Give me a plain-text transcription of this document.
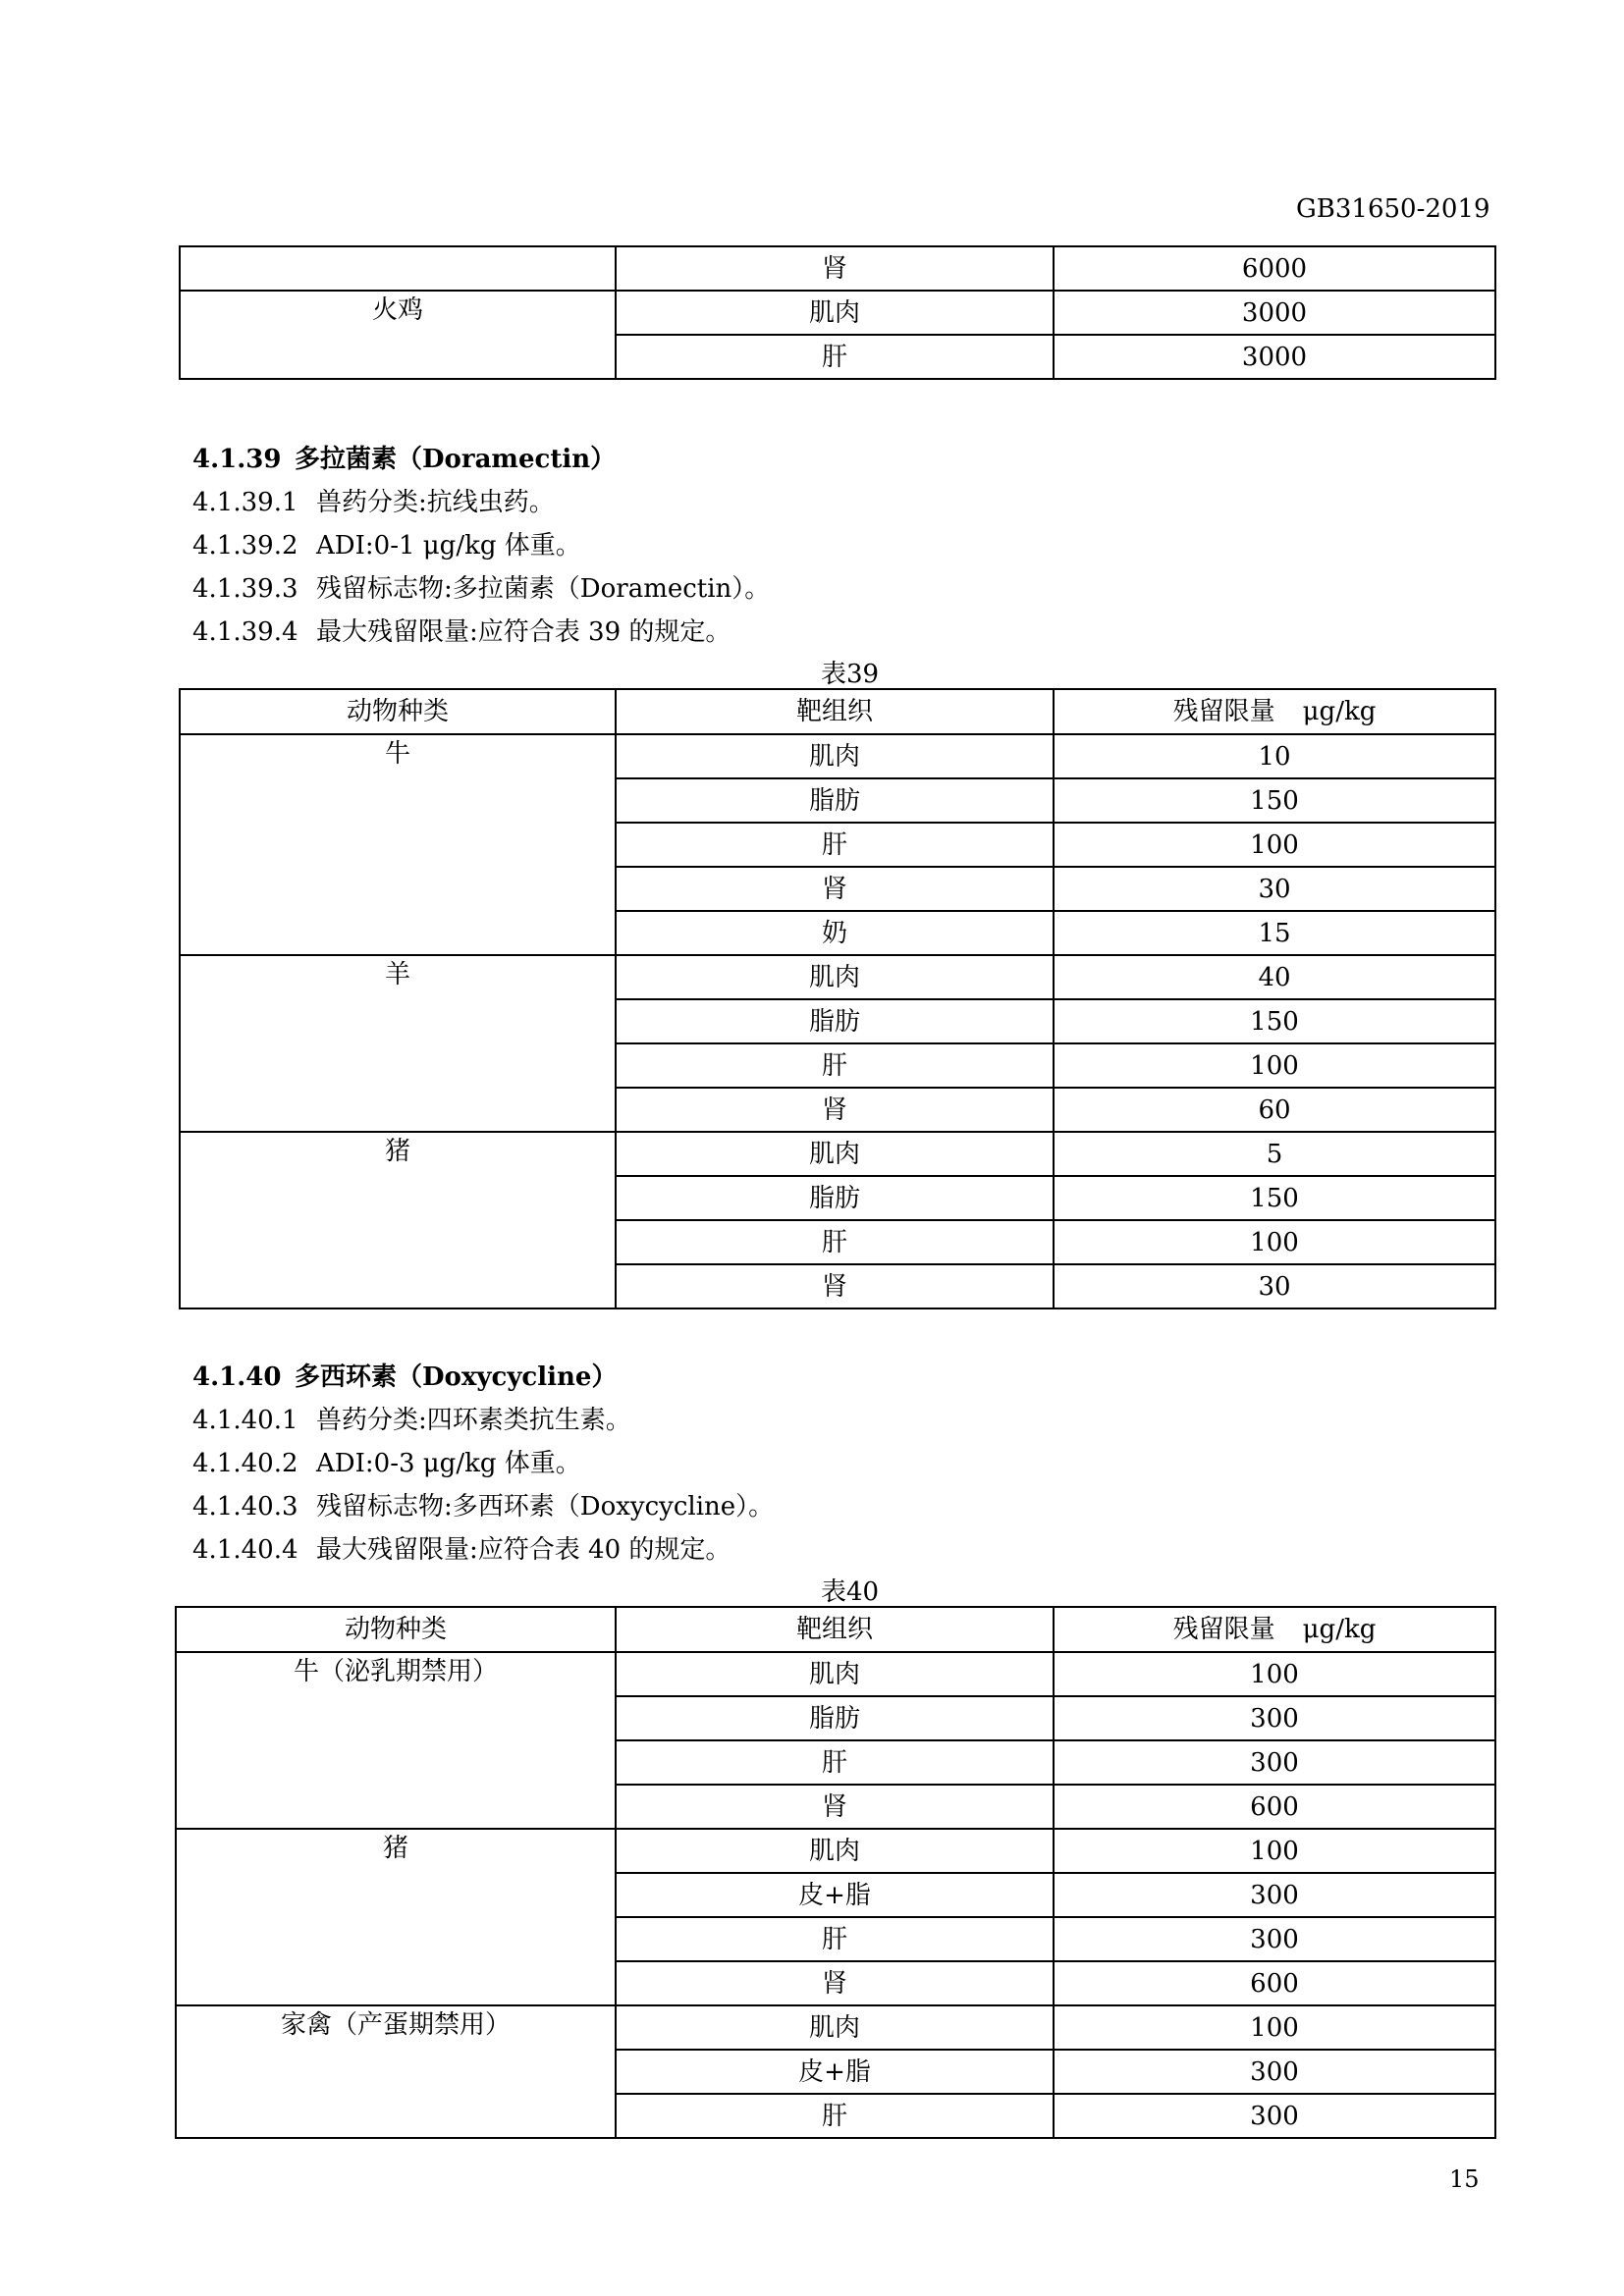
GB31650-2019
	肾	6000
火鸡	肌肉	3000
	肝	3000
4.1.39 多拉菌素（Doramectin）
4.1.39.1 兽药分类:抗线虫药。
4.1.39.2 ADI:0-1 μg/kg 体重。
4.1.39.3 残留标志物:多拉菌素（Doramectin）。
4.1.39.4 最大残留限量:应符合表 39 的规定。
表39
动物种类	靶组织	残留限量 μg/kg
牛	肌肉	10
	脂肪	150
	肝	100
	肾	30
	奶	15
羊	肌肉	40
	脂肪	150
	肝	100
	肾	60
猪	肌肉	5
	脂肪	150
	肝	100
	肾	30
4.1.40 多西环素（Doxycycline）
4.1.40.1 兽药分类:四环素类抗生素。
4.1.40.2 ADI:0-3 μg/kg 体重。
4.1.40.3 残留标志物:多西环素（Doxycycline）。
4.1.40.4 最大残留限量:应符合表 40 的规定。
表40
动物种类	靶组织	残留限量 μg/kg
牛（泌乳期禁用）	肌肉	100
	脂肪	300
	肝	300
	肾	600
猪	肌肉	100
	皮+脂	300
	肝	300
	肾	600
家禽（产蛋期禁用）	肌肉	100
	皮+脂	300
	肝	300
15
